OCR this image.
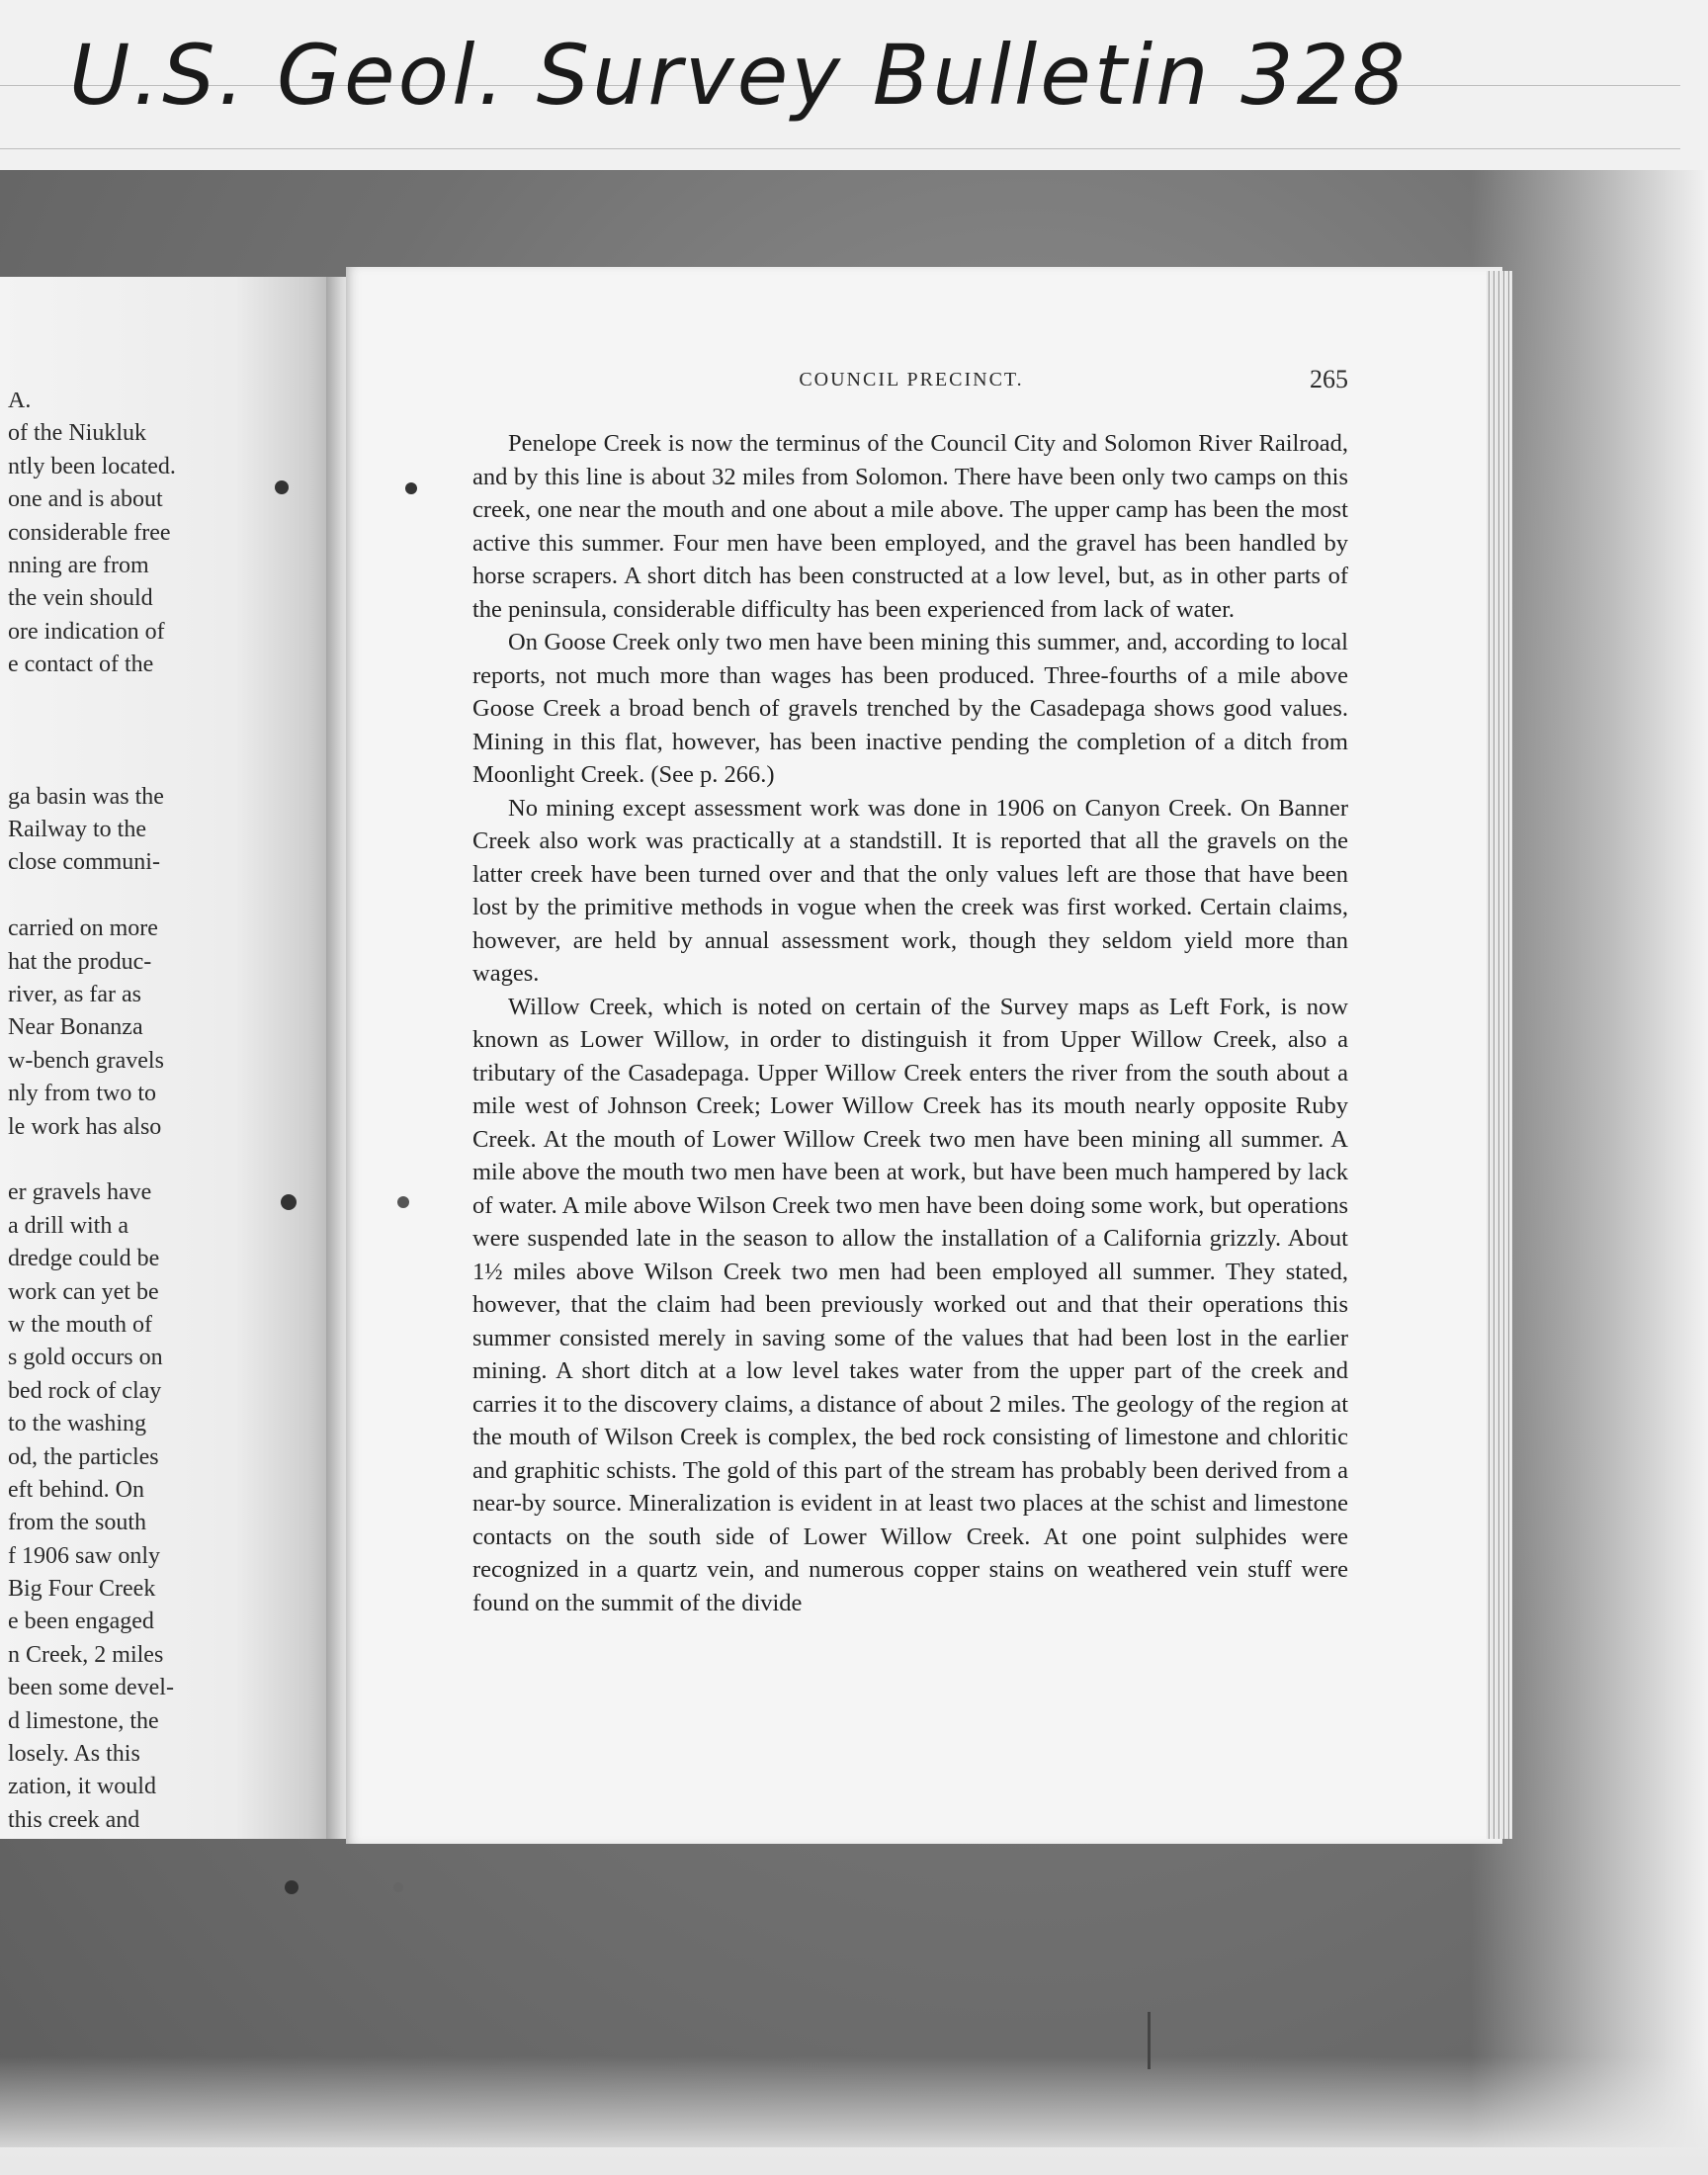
U.S. Geol. Survey Bulletin 328
A.
of the Niukluk
ntly been located.
one and is about
considerable free
nning are from
the vein should
ore indication of
e contact of the
ga basin was the
Railway to the
close communi-
carried on more
hat the produc-
river, as far as
Near Bonanza
w-bench gravels
nly from two to
le work has also
er gravels have
a drill with a
dredge could be
work can yet be
w the mouth of
s gold occurs on
bed rock of clay
to the washing
od, the particles
eft behind. On
from the south
f 1906 saw only
Big Four Creek
e been engaged
n Creek, 2 miles
been some devel-
d limestone, the
losely. As this
zation, it would
this creek and
COUNCIL PRECINCT.	265

Penelope Creek is now the terminus of the Council City and Solomon River Railroad, and by this line is about 32 miles from Solomon. There have been only two camps on this creek, one near the mouth and one about a mile above. The upper camp has been the most active this summer. Four men have been employed, and the gravel has been handled by horse scrapers. A short ditch has been constructed at a low level, but, as in other parts of the peninsula, considerable difficulty has been experienced from lack of water.

On Goose Creek only two men have been mining this summer, and, according to local reports, not much more than wages has been produced. Three-fourths of a mile above Goose Creek a broad bench of gravels trenched by the Casadepaga shows good values. Mining in this flat, however, has been inactive pending the completion of a ditch from Moonlight Creek. (See p. 266.)

No mining except assessment work was done in 1906 on Canyon Creek. On Banner Creek also work was practically at a standstill. It is reported that all the gravels on the latter creek have been turned over and that the only values left are those that have been lost by the primitive methods in vogue when the creek was first worked. Certain claims, however, are held by annual assessment work, though they seldom yield more than wages.

Willow Creek, which is noted on certain of the Survey maps as Left Fork, is now known as Lower Willow, in order to distinguish it from Upper Willow Creek, also a tributary of the Casadepaga. Upper Willow Creek enters the river from the south about a mile west of Johnson Creek; Lower Willow Creek has its mouth nearly opposite Ruby Creek. At the mouth of Lower Willow Creek two men have been mining all summer. A mile above the mouth two men have been at work, but have been much hampered by lack of water. A mile above Wilson Creek two men have been doing some work, but operations were suspended late in the season to allow the installation of a California grizzly. About 1½ miles above Wilson Creek two men had been employed all summer. They stated, however, that the claim had been previously worked out and that their operations this summer consisted merely in saving some of the values that had been lost in the earlier mining. A short ditch at a low level takes water from the upper part of the creek and carries it to the discovery claims, a distance of about 2 miles. The geology of the region at the mouth of Wilson Creek is complex, the bed rock consisting of limestone and chloritic and graphitic schists. The gold of this part of the stream has probably been derived from a near-by source. Mineralization is evident in at least two places at the schist and limestone contacts on the south side of Lower Willow Creek. At one point sulphides were recognized in a quartz vein, and numerous copper stains on weathered vein stuff were found on the summit of the divide
